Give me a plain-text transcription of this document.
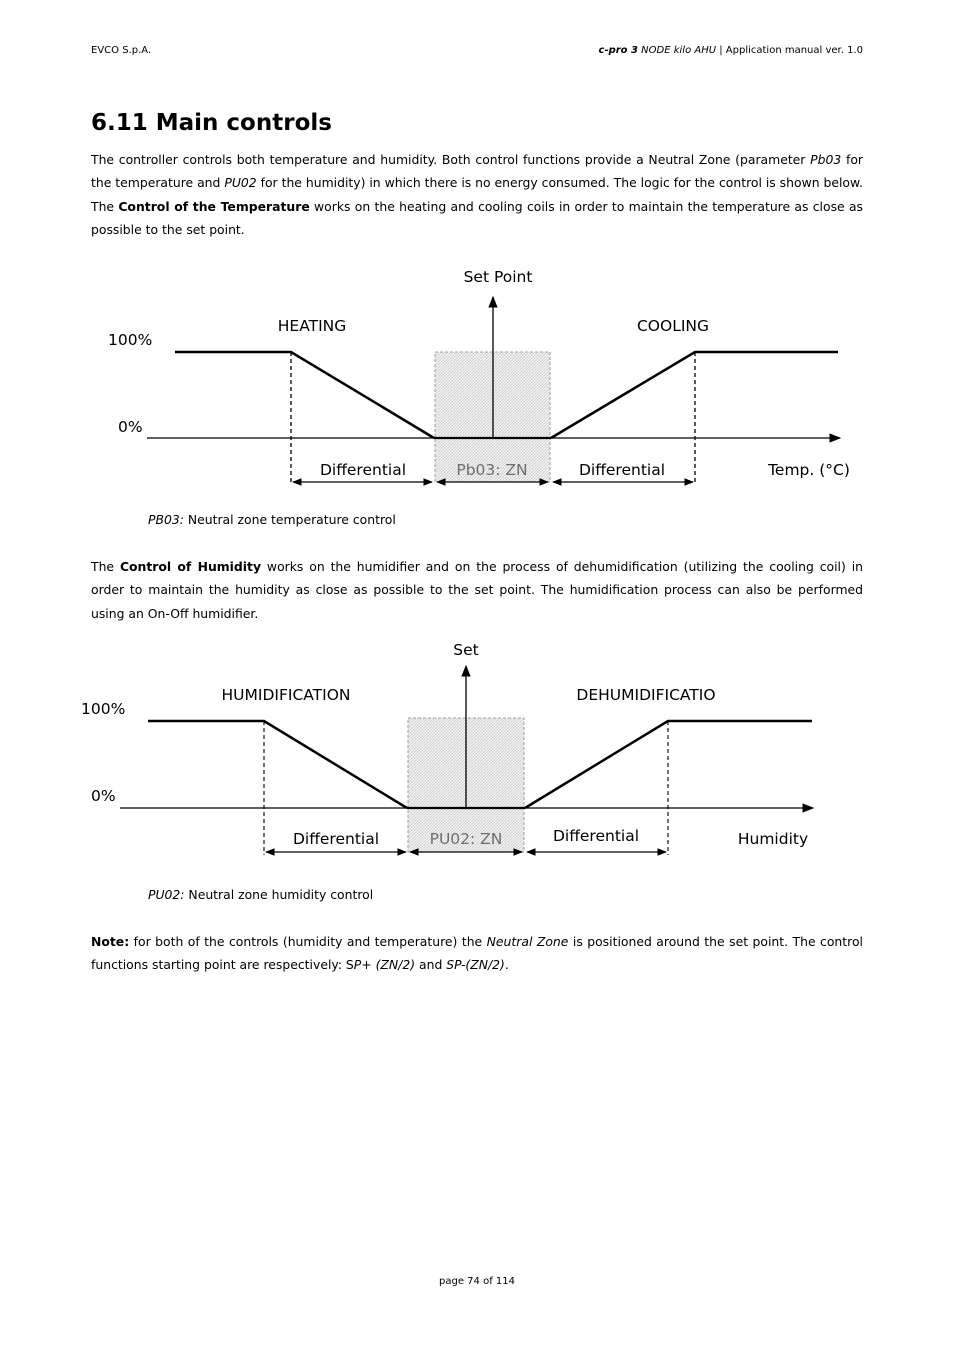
EVCO S.p.A.	c-pro 3 NODE kilo AHU | Application manual ver. 1.0
6.11 Main controls
The controller controls both temperature and humidity. Both control functions provide a Neutral Zone (parameter Pb03 for the temperature and PU02 for the humidity) in which there is no energy consumed. The logic for the control is shown below.
The Control of the Temperature works on the heating and cooling coils in order to maintain the temperature as close as possible to the set point.
Set Point
HEATING	COOLING
100%
0%
Differential	Pb03: ZN	Differential	Temp. (°C)
PB03: Neutral zone temperature control
The Control of Humidity works on the humidifier and on the process of dehumidification (utilizing the cooling coil) in order to maintain the humidity as close as possible to the set point. The humidification process can also be performed using an On-Off humidifier.
Set
HUMIDIFICATION	DEHUMIDIFICATIO
100%
0%
Differential	PU02: ZN	Differential	Humidity
PU02: Neutral zone humidity control
Note: for both of the controls (humidity and temperature) the Neutral Zone is positioned around the set point. The control functions starting point are respectively: SP+ (ZN/2) and SP-(ZN/2).
page 74 of 114
